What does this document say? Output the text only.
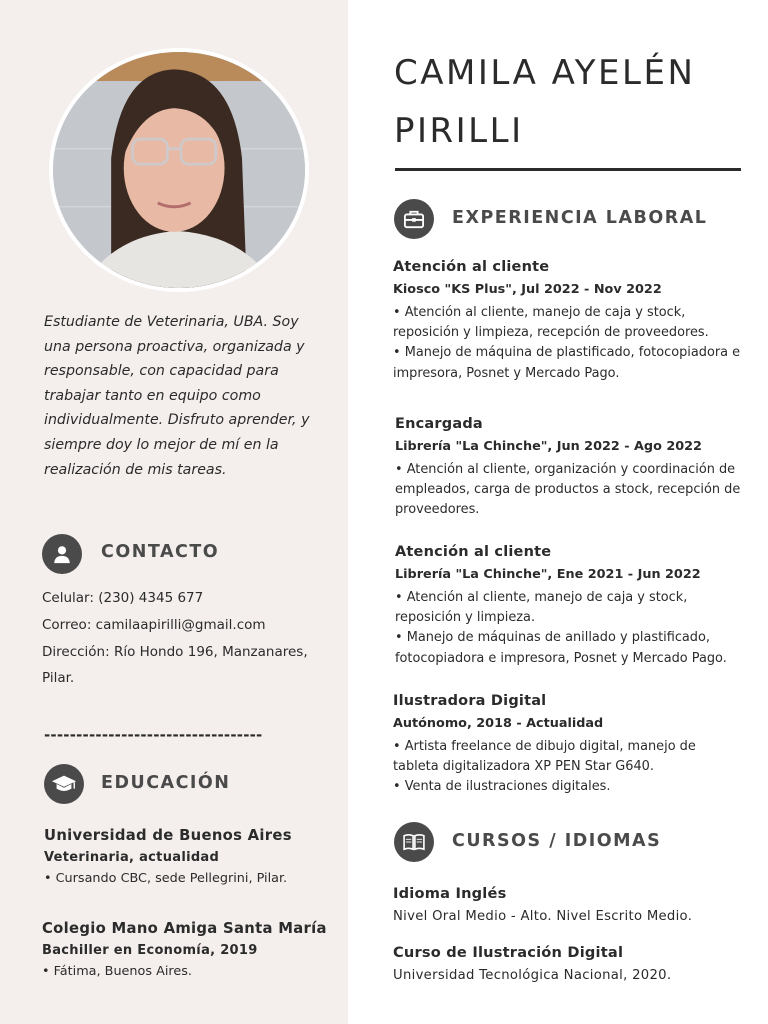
Estudiante de Veterinaria, UBA. Soy una persona proactiva, organizada y responsable, con capacidad para trabajar tanto en equipo como individualmente. Disfruto aprender, y siempre doy lo mejor de mí en la realización de mis tareas.

CONTACTO
Celular: (230) 4345 677
Correo: camilaapirilli@gmail.com
Dirección: Río Hondo 196, Manzanares, Pilar.
----------------------------------
EDUCACIÓN
Universidad de Buenos Aires
Veterinaria, actualidad
• Cursando CBC, sede Pellegrini, Pilar.
Colegio Mano Amiga Santa María
Bachiller en Economía, 2019
• Fátima, Buenos Aires.
CAMILA AYELÉN PIRILLI
EXPERIENCIA LABORAL
Atención al cliente
Kiosco "KS Plus", Jul 2022 - Nov 2022
• Atención al cliente, manejo de caja y stock, reposición y limpieza, recepción de proveedores.
• Manejo de máquina de plastificado, fotocopiadora e impresora, Posnet y Mercado Pago.
Encargada
Librería "La Chinche", Jun 2022 - Ago 2022
• Atención al cliente, organización y coordinación de empleados, carga de productos a stock, recepción de proveedores.
Atención al cliente
Librería "La Chinche", Ene 2021 - Jun 2022
• Atención al cliente, manejo de caja y stock, reposición y limpieza.
• Manejo de máquinas de anillado y plastificado, fotocopiadora e impresora, Posnet y Mercado Pago.
Ilustradora Digital
Autónomo, 2018 - Actualidad
• Artista freelance de dibujo digital, manejo de tableta digitalizadora XP PEN Star G640.
• Venta de ilustraciones digitales.
CURSOS / IDIOMAS
Idioma Inglés
Nivel Oral Medio - Alto. Nivel Escrito Medio.
Curso de Ilustración Digital
Universidad Tecnológica Nacional, 2020.
